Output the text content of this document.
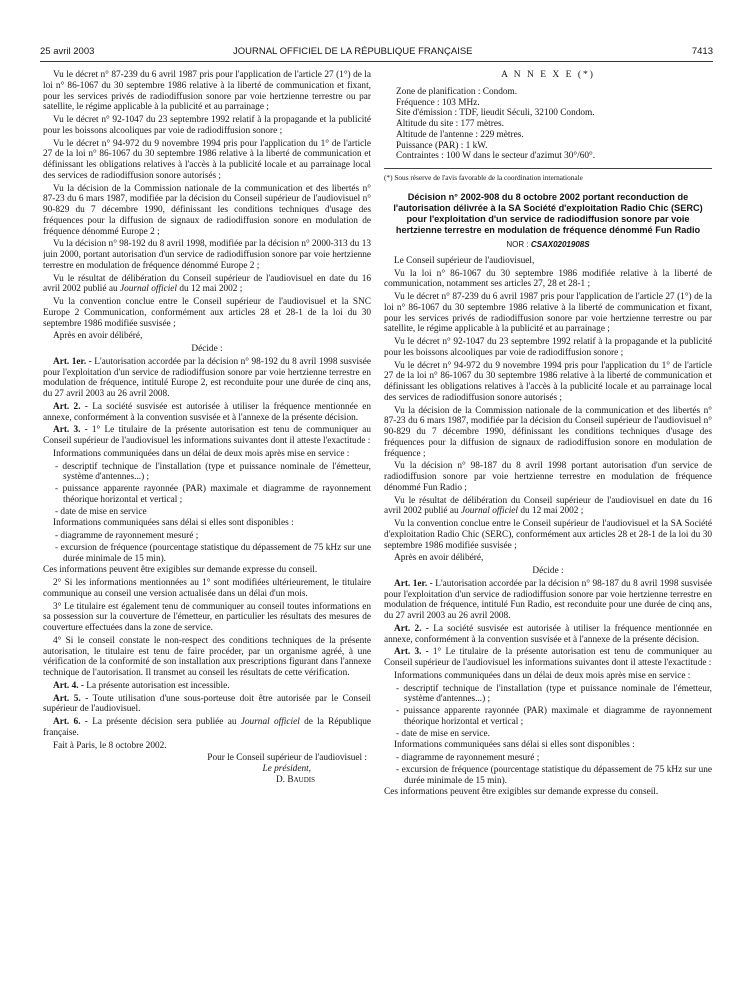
25 avril 2003	JOURNAL OFFICIEL DE LA RÉPUBLIQUE FRANÇAISE	7413

Vu le décret n° 87-239 du 6 avril 1987 pris pour l'application de l'article 27 (1°) de la loi n° 86-1067 du 30 septembre 1986 relative à la liberté de communication et fixant, pour les services privés de radiodiffusion sonore par voie hertzienne terrestre ou par satellite, le régime applicable à la publicité et au parrainage ;

Vu le décret n° 92-1047 du 23 septembre 1992 relatif à la propagande et la publicité pour les boissons alcooliques par voie de radiodiffusion sonore ;

Vu le décret n° 94-972 du 9 novembre 1994 pris pour l'application du 1° de l'article 27 de la loi n° 86-1067 du 30 septembre 1986 relative à la liberté de communication et définissant les obligations relatives à l'accès à la publicité locale et au parrainage local des services de radiodiffusion sonore autorisés ;

Vu la décision de la Commission nationale de la communication et des libertés n° 87-23 du 6 mars 1987, modifiée par la décision du Conseil supérieur de l'audiovisuel n° 90-829 du 7 décembre 1990, définissant les conditions techniques d'usage des fréquences pour la diffusion de signaux de radiodiffusion sonore en modulation de fréquence dénommé Europe 2 ;

Vu la décision n° 98-192 du 8 avril 1998, modifiée par la décision n° 2000-313 du 13 juin 2000, portant autorisation d'un service de radiodiffusion sonore par voie hertzienne terrestre en modulation de fréquence dénommé Europe 2 ;

Vu le résultat de délibération du Conseil supérieur de l'audiovisuel en date du 16 avril 2002 publié au Journal officiel du 12 mai 2002 ;

Vu la convention conclue entre le Conseil supérieur de l'audiovisuel et la SNC Europe 2 Communication, conformément aux articles 28 et 28-1 de la loi du 30 septembre 1986 modifiée susvisée ;

Après en avoir délibéré,

Décide :

Art. 1er. - L'autorisation accordée par la décision n° 98-192 du 8 avril 1998 susvisée pour l'exploitation d'un service de radiodiffusion sonore par voie hertzienne terrestre en modulation de fréquence, intitulé Europe 2, est reconduite pour une durée de cinq ans, du 27 avril 2003 au 26 avril 2008.

Art. 2. - La société susvisée est autorisée à utiliser la fréquence mentionnée en annexe, conformément à la convention susvisée et à l'annexe de la présente décision.

Art. 3. - 1° Le titulaire de la présente autorisation est tenu de communiquer au Conseil supérieur de l'audiovisuel les informations suivantes dont il atteste l'exactitude :

Informations communiquées dans un délai de deux mois après mise en service :

- descriptif technique de l'installation (type et puissance nominale de l'émetteur, système d'antennes...) ;
- puissance apparente rayonnée (PAR) maximale et diagramme de rayonnement théorique horizontal et vertical ;
- date de mise en service

Informations communiquées sans délai si elles sont disponibles :

- diagramme de rayonnement mesuré ;
- excursion de fréquence (pourcentage statistique du dépassement de 75 kHz sur une durée minimale de 15 min).

Ces informations peuvent être exigibles sur demande expresse du conseil.

2° Si les informations mentionnées au 1° sont modifiées ultérieurement, le titulaire communique au conseil une version actualisée dans un délai d'un mois.

3° Le titulaire est également tenu de communiquer au conseil toutes informations en sa possession sur la couverture de l'émetteur, en particulier les résultats des mesures de couverture effectuées dans la zone de service.

4° Si le conseil constate le non-respect des conditions techniques de la présente autorisation, le titulaire est tenu de faire procéder, par un organisme agréé, à une vérification de la conformité de son installation aux prescriptions figurant dans l'annexe technique de l'autorisation. Il transmet au conseil les résultats de cette vérification.

Art. 4. - La présente autorisation est incessible.

Art. 5. - Toute utilisation d'une sous-porteuse doit être autorisée par le Conseil supérieur de l'audiovisuel.

Art. 6. - La présente décision sera publiée au Journal officiel de la République française.

Fait à Paris, le 8 octobre 2002.

Pour le Conseil supérieur de l'audiovisuel :
Le président,
D. Baudis
A N N E X E (*)
Zone de planification : Condom.
Fréquence : 103 MHz.
Site d'émission : TDF, lieudit Séculi, 32100 Condom.
Altitude du site : 177 mètres.
Altitude de l'antenne : 229 mètres.
Puissance (PAR) : 1 kW.
Contraintes : 100 W dans le secteur d'azimut 30°/60°.
(*) Sous réserve de l'avis favorable de la coordination internationale
Décision n° 2002-908 du 8 octobre 2002 portant reconduction de l'autorisation délivrée à la SA Société d'exploitation Radio Chic (SERC) pour l'exploitation d'un service de radiodiffusion sonore par voie hertzienne terrestre en modulation de fréquence dénommé Fun Radio
NOR : CSAX0201908S

Le Conseil supérieur de l'audiovisuel,

Vu la loi n° 86-1067 du 30 septembre 1986 modifiée relative à la liberté de communication, notamment ses articles 27, 28 et 28-1 ;

Vu le décret n° 87-239 du 6 avril 1987 pris pour l'application de l'article 27 (1°) de la loi n° 86-1067 du 30 septembre 1986 relative à la liberté de communication et fixant, pour les services privés de radiodiffusion sonore par voie hertzienne terrestre ou par satellite, le régime applicable à la publicité et au parrainage ;

Vu le décret n° 92-1047 du 23 septembre 1992 relatif à la propagande et la publicité pour les boissons alcooliques par voie de radiodiffusion sonore ;

Vu le décret n° 94-972 du 9 novembre 1994 pris pour l'application du 1° de l'article 27 de la loi n° 86-1067 du 30 septembre 1986 relative à la liberté de communication et définissant les obligations relatives à l'accès à la publicité locale et au parrainage local des services de radiodiffusion sonore autorisés ;

Vu la décision de la Commission nationale de la communication et des libertés n° 87-23 du 6 mars 1987, modifiée par la décision du Conseil supérieur de l'audiovisuel n° 90-829 du 7 décembre 1990, définissant les conditions techniques d'usage des fréquences pour la diffusion de signaux de radiodiffusion sonore en modulation de fréquence ;

Vu la décision n° 98-187 du 8 avril 1998 portant autorisation d'un service de radiodiffusion sonore par voie hertzienne terrestre en modulation de fréquence dénommé Fun Radio ;

Vu le résultat de délibération du Conseil supérieur de l'audiovisuel en date du 16 avril 2002 publié au Journal officiel du 12 mai 2002 ;

Vu la convention conclue entre le Conseil supérieur de l'audiovisuel et la SA Société d'exploitation Radio Chic (SERC), conformément aux articles 28 et 28-1 de la loi du 30 septembre 1986 modifiée susvisée ;

Après en avoir délibéré,

Décide :

Art. 1er. - L'autorisation accordée par la décision n° 98-187 du 8 avril 1998 susvisée pour l'exploitation d'un service de radiodiffusion sonore par voie hertzienne terrestre en modulation de fréquence, intitulé Fun Radio, est reconduite pour une durée de cinq ans, du 27 avril 2003 au 26 avril 2008.

Art. 2. - La société susvisée est autorisée à utiliser la fréquence mentionnée en annexe, conformément à la convention susvisée et à l'annexe de la présente décision.

Art. 3. - 1° Le titulaire de la présente autorisation est tenu de communiquer au Conseil supérieur de l'audiovisuel les informations suivantes dont il atteste l'exactitude :

Informations communiquées dans un délai de deux mois après mise en service :

- descriptif technique de l'installation (type et puissance nominale de l'émetteur, système d'antennes...) ;
- puissance apparente rayonnée (PAR) maximale et diagramme de rayonnement théorique horizontal et vertical ;
- date de mise en service.

Informations communiquées sans délai si elles sont disponibles :

- diagramme de rayonnement mesuré ;
- excursion de fréquence (pourcentage statistique du dépassement de 75 kHz sur une durée minimale de 15 min).

Ces informations peuvent être exigibles sur demande expresse du conseil.
